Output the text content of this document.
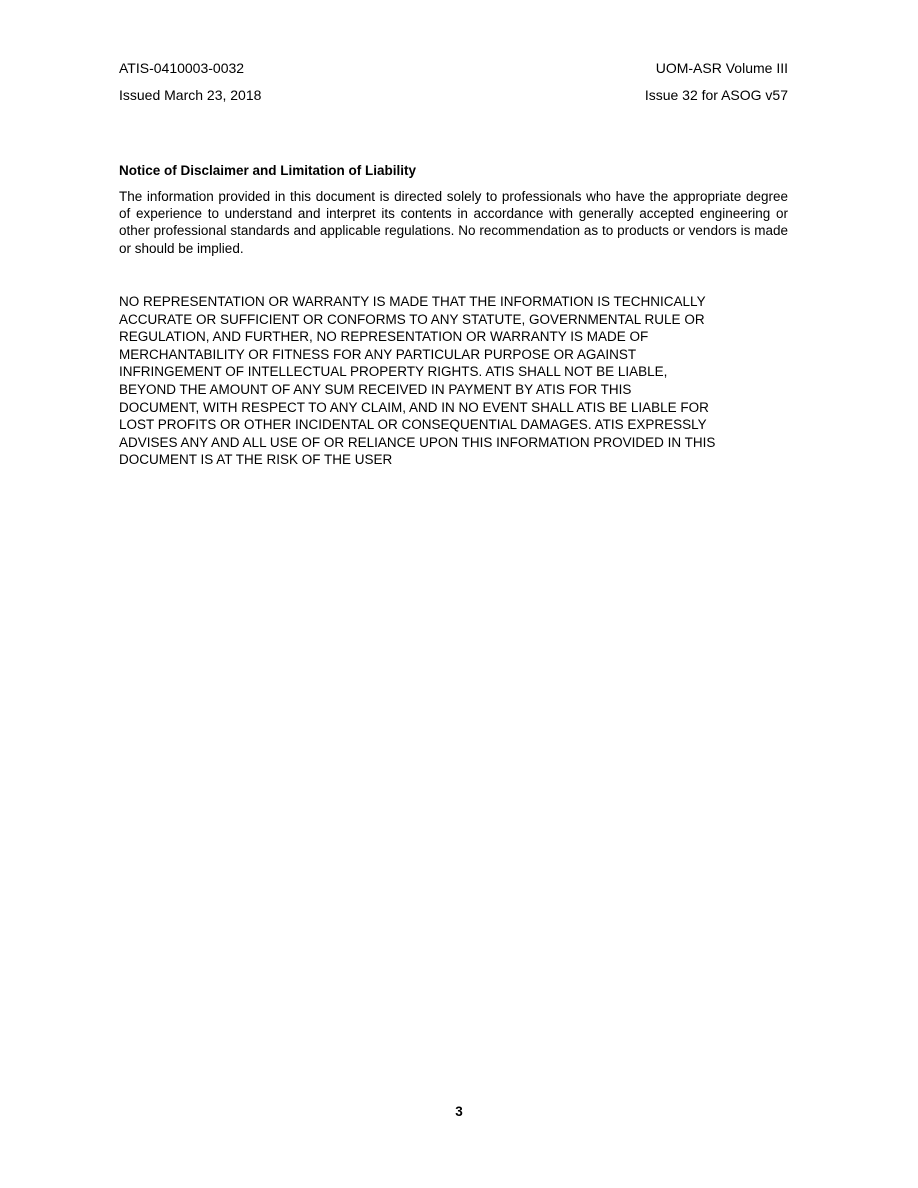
ATIS-0410003-0032	UOM-ASR Volume III
Issued March 23, 2018	Issue 32 for ASOG v57
Notice of Disclaimer and Limitation of Liability

The information provided in this document is directed solely to professionals who have the appropriate degree of experience to understand and interpret its contents in accordance with generally accepted engineering or other professional standards and applicable regulations. No recommendation as to products or vendors is made or should be implied.

NO REPRESENTATION OR WARRANTY IS MADE THAT THE INFORMATION IS TECHNICALLY
ACCURATE OR SUFFICIENT OR CONFORMS TO ANY STATUTE, GOVERNMENTAL RULE OR
REGULATION, AND FURTHER, NO REPRESENTATION OR WARRANTY IS MADE OF
MERCHANTABILITY OR FITNESS FOR ANY PARTICULAR PURPOSE OR AGAINST
INFRINGEMENT OF INTELLECTUAL PROPERTY RIGHTS. ATIS SHALL NOT BE LIABLE,
BEYOND THE AMOUNT OF ANY SUM RECEIVED IN PAYMENT BY ATIS FOR THIS
DOCUMENT, WITH RESPECT TO ANY CLAIM, AND IN NO EVENT SHALL ATIS BE LIABLE FOR
LOST PROFITS OR OTHER INCIDENTAL OR CONSEQUENTIAL DAMAGES. ATIS EXPRESSLY
ADVISES ANY AND ALL USE OF OR RELIANCE UPON THIS INFORMATION PROVIDED IN THIS
DOCUMENT IS AT THE RISK OF THE USER
3
